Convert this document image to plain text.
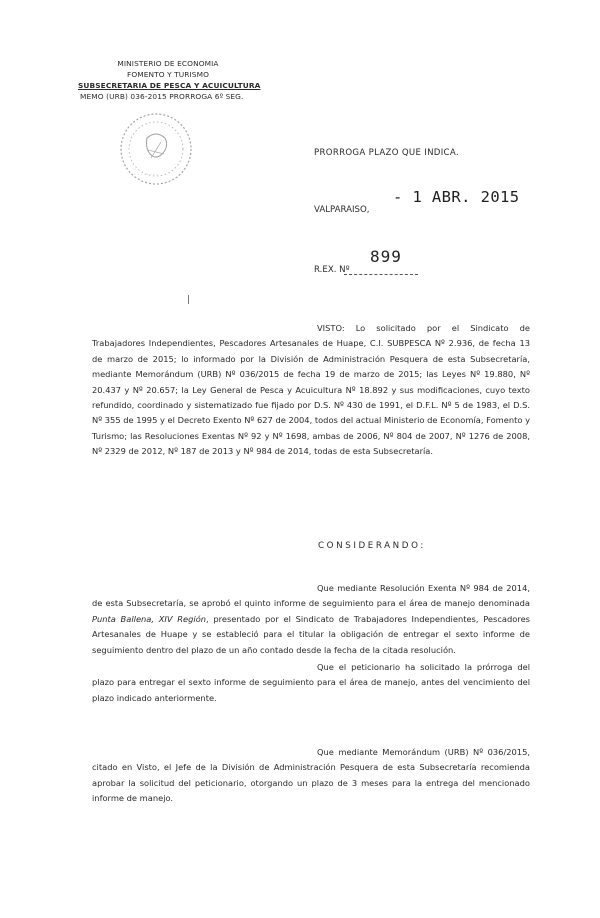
MINISTERIO DE ECONOMIA
FOMENTO Y TURISMO
SUBSECRETARIA DE PESCA Y ACUICULTURA
MEMO (URB) 036-2015 PRORROGA 6º SEG.
· · · · · · · · ·
PRORROGA PLAZO QUE INDICA.
- 1 ABR. 2015
VALPARAISO,
899
R.EX. Nº
VISTO: Lo solicitado por el Sindicato de Trabajadores Independientes, Pescadores Artesanales de Huape, C.I. SUBPESCA Nº 2.936, de fecha 13 de marzo de 2015; lo informado por la División de Administración Pesquera de esta Subsecretaría, mediante Memorándum (URB) Nº 036/2015 de fecha 19 de marzo de 2015; las Leyes Nº 19.880, Nº 20.437 y Nº 20.657; la Ley General de Pesca y Acuicultura Nº 18.892 y sus modificaciones, cuyo texto refundido, coordinado y sistematizado fue fijado por D.S. Nº 430 de 1991, el D.F.L. Nº 5 de 1983, el D.S. Nº 355 de 1995 y el Decreto Exento Nº 627 de 2004, todos del actual Ministerio de Economía, Fomento y Turismo; las Resoluciones Exentas Nº 92 y Nº 1698, ambas de 2006, Nº 804 de 2007, Nº 1276 de 2008, Nº 2329 de 2012, Nº 187 de 2013 y Nº 984 de 2014, todas de esta Subsecretaría.
CONSIDERANDO:
Que mediante Resolución Exenta Nº 984 de 2014, de esta Subsecretaría, se aprobó el quinto informe de seguimiento para el área de manejo denominada Punta Ballena, XIV Región, presentado por el Sindicato de Trabajadores Independientes, Pescadores Artesanales de Huape y se estableció para el titular la obligación de entregar el sexto informe de seguimiento dentro del plazo de un año contado desde la fecha de la citada resolución.
Que el peticionario ha solicitado la prórroga del plazo para entregar el sexto informe de seguimiento para el área de manejo, antes del vencimiento del plazo indicado anteriormente.
Que mediante Memorándum (URB) Nº 036/2015, citado en Visto, el Jefe de la División de Administración Pesquera de esta Subsecretaría recomienda aprobar la solicitud del peticionario, otorgando un plazo de 3 meses para la entrega del mencionado informe de manejo.
